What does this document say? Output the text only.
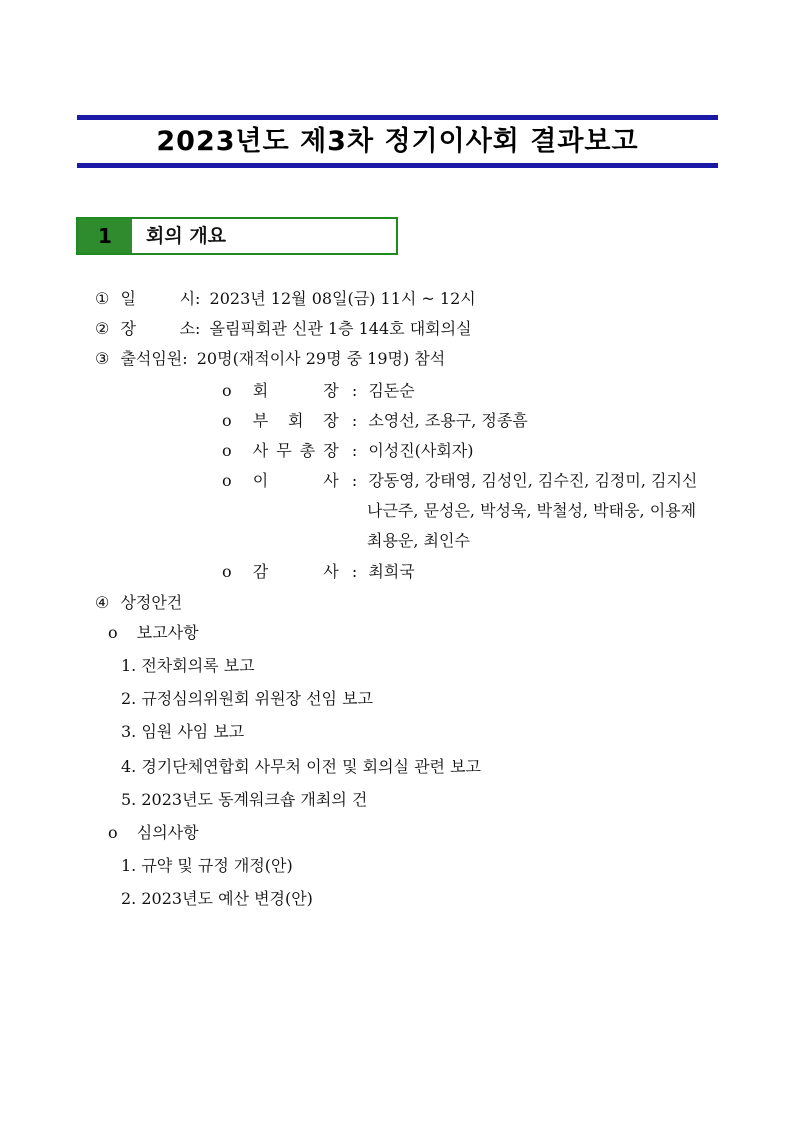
2023년도 제3차 정기이사회 결과보고
1	회의 개요
① 일 시: 2023년 12월 08일(금) 11시 ~ 12시
② 장 소: 올림픽회관 신관 1층 144호 대회의실
③ 출석임원: 20명(재적이사 29명 중 19명) 참석
o 회 장 : 김돈순
o 부 회 장 : 소영선, 조용구, 정종흠
o 사 무 총 장 : 이성진(사회자)
o 이 사 : 강동영, 강태영, 김성인, 김수진, 김정미, 김지신
나근주, 문성은, 박성욱, 박철성, 박태웅, 이용제
최용운, 최인수
o 감 사 : 최희국
④ 상정안건
o 보고사항
1. 전차회의록 보고
2. 규정심의위원회 위원장 선임 보고
3. 임원 사임 보고
4. 경기단체연합회 사무처 이전 및 회의실 관련 보고
5. 2023년도 동계워크숍 개최의 건
o 심의사항
1. 규약 및 규정 개정(안)
2. 2023년도 예산 변경(안)
